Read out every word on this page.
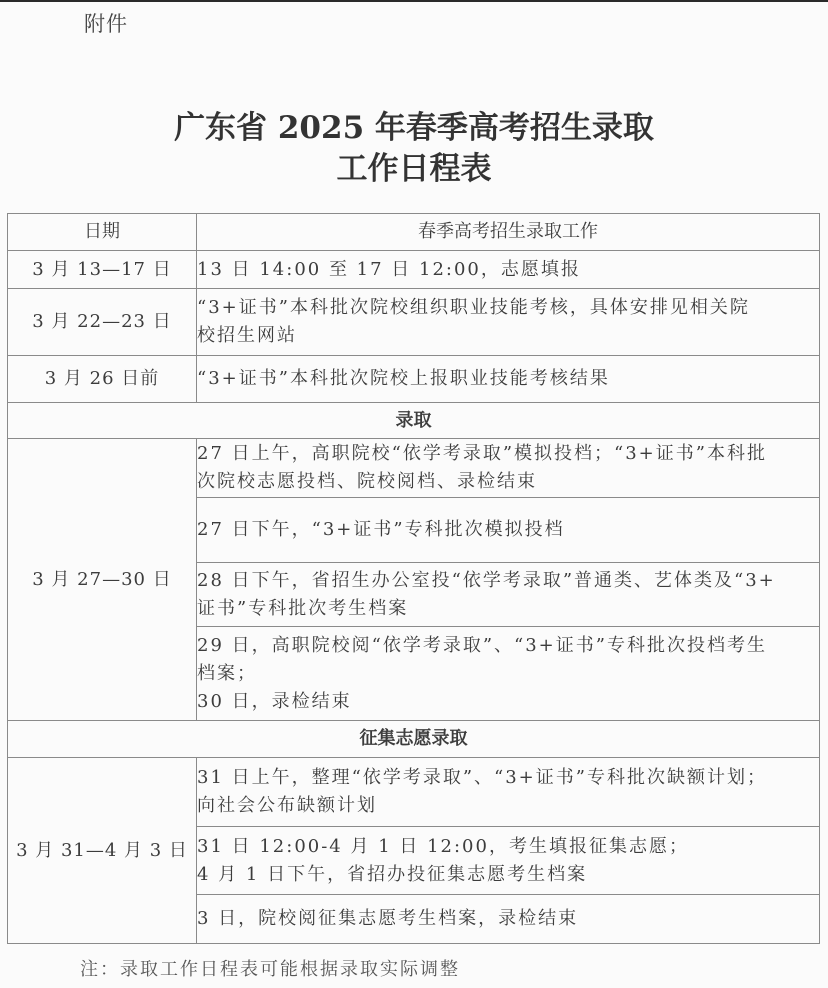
附件
广东省 2025 年春季高考招生录取
工作日程表
日期	春季高考招生录取工作
3 月 13—17 日	13 日 14:00 至 17 日 12:00，志愿填报

3 月 22—23 日	“3+证书”本科批次院校组织职业技能考核，具体安排见相关院
校招生网站

3 月 26 日前	“3+证书”本科批次院校上报职业技能考核结果

录取	
3 月 27—30 日	27 日上午，高职院校“依学考录取”模拟投档；“3+证书”本科批
次院校志愿投档、院校阅档、录检结束

	27 日下午，“3+证书”专科批次模拟投档

	28 日下午，省招生办公室投“依学考录取”普通类、艺体类及“3+
证书”专科批次考生档案

	29 日，高职院校阅“依学考录取”、“3+证书”专科批次投档考生
档案；
30 日，录检结束

征集志愿录取	
3 月 31—4 月 3 日	31 日上午，整理“依学考录取”、“3+证书”专科批次缺额计划；
向社会公布缺额计划

	31 日 12:00-4 月 1 日 12:00，考生填报征集志愿；
4 月 1 日下午，省招办投征集志愿考生档案

	3 日，院校阅征集志愿考生档案，录检结束
注：录取工作日程表可能根据录取实际调整
